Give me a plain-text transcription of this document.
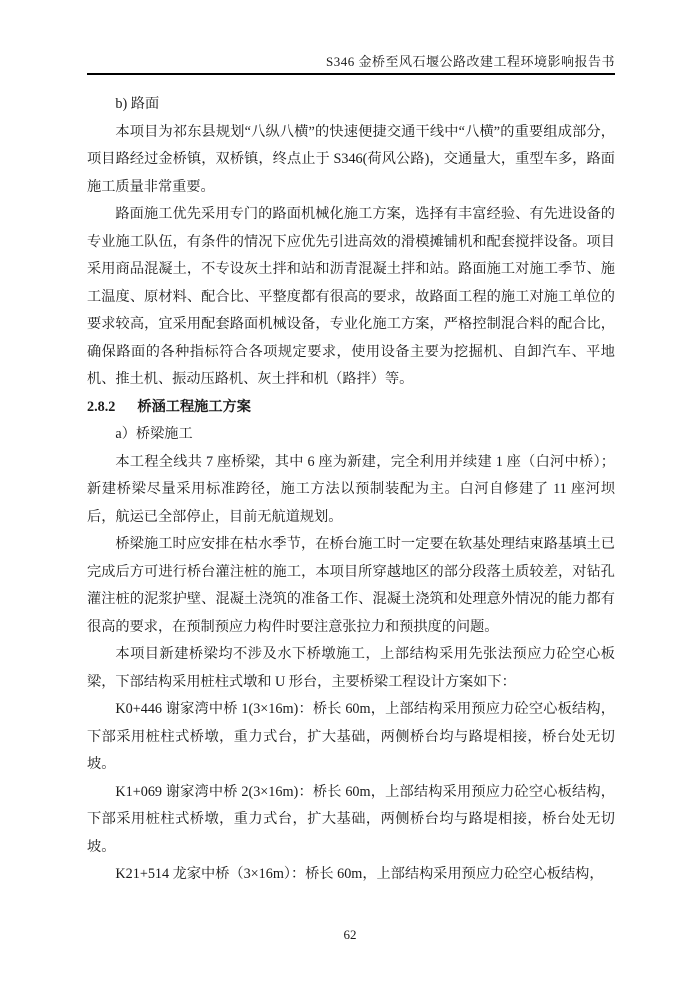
S346 金桥至风石堰公路改建工程环境影响报告书

b) 路面

本项目为祁东县规划“八纵八横”的快速便捷交通干线中“八横”的重要组成部分，项目路经过金桥镇，双桥镇，终点止于 S346(荷风公路)，交通量大，重型车多，路面施工质量非常重要。

路面施工优先采用专门的路面机械化施工方案，选择有丰富经验、有先进设备的专业施工队伍，有条件的情况下应优先引进高效的滑模摊铺机和配套搅拌设备。项目采用商品混凝土，不专设灰土拌和站和沥青混凝土拌和站。路面施工对施工季节、施工温度、原材料、配合比、平整度都有很高的要求，故路面工程的施工对施工单位的要求较高，宜采用配套路面机械设备，专业化施工方案，严格控制混合料的配合比，确保路面的各种指标符合各项规定要求，使用设备主要为挖掘机、自卸汽车、平地机、推土机、振动压路机、灰土拌和机（路拌）等。

2.8.2 桥涵工程施工方案

a）桥梁施工

本工程全线共 7 座桥梁，其中 6 座为新建，完全利用并续建 1 座（白河中桥）；新建桥梁尽量采用标准跨径，施工方法以预制装配为主。白河自修建了 11 座河坝后，航运已全部停止，目前无航道规划。

桥梁施工时应安排在枯水季节，在桥台施工时一定要在软基处理结束路基填土已完成后方可进行桥台灌注桩的施工，本项目所穿越地区的部分段落土质较差，对钻孔灌注桩的泥浆护壁、混凝土浇筑的准备工作、混凝土浇筑和处理意外情况的能力都有很高的要求，在预制预应力构件时要注意张拉力和预拱度的问题。

本项目新建桥梁均不涉及水下桥墩施工，上部结构采用先张法预应力砼空心板梁，下部结构采用桩柱式墩和 U 形台，主要桥梁工程设计方案如下：

K0+446 谢家湾中桥 1(3×16m)：桥长 60m，上部结构采用预应力砼空心板结构，下部采用桩柱式桥墩，重力式台，扩大基础，两侧桥台均与路堤相接，桥台处无切坡。

K1+069 谢家湾中桥 2(3×16m)：桥长 60m，上部结构采用预应力砼空心板结构，下部采用桩柱式桥墩，重力式台，扩大基础，两侧桥台均与路堤相接，桥台处无切坡。

K21+514 龙家中桥（3×16m）：桥长 60m，上部结构采用预应力砼空心板结构，

62
